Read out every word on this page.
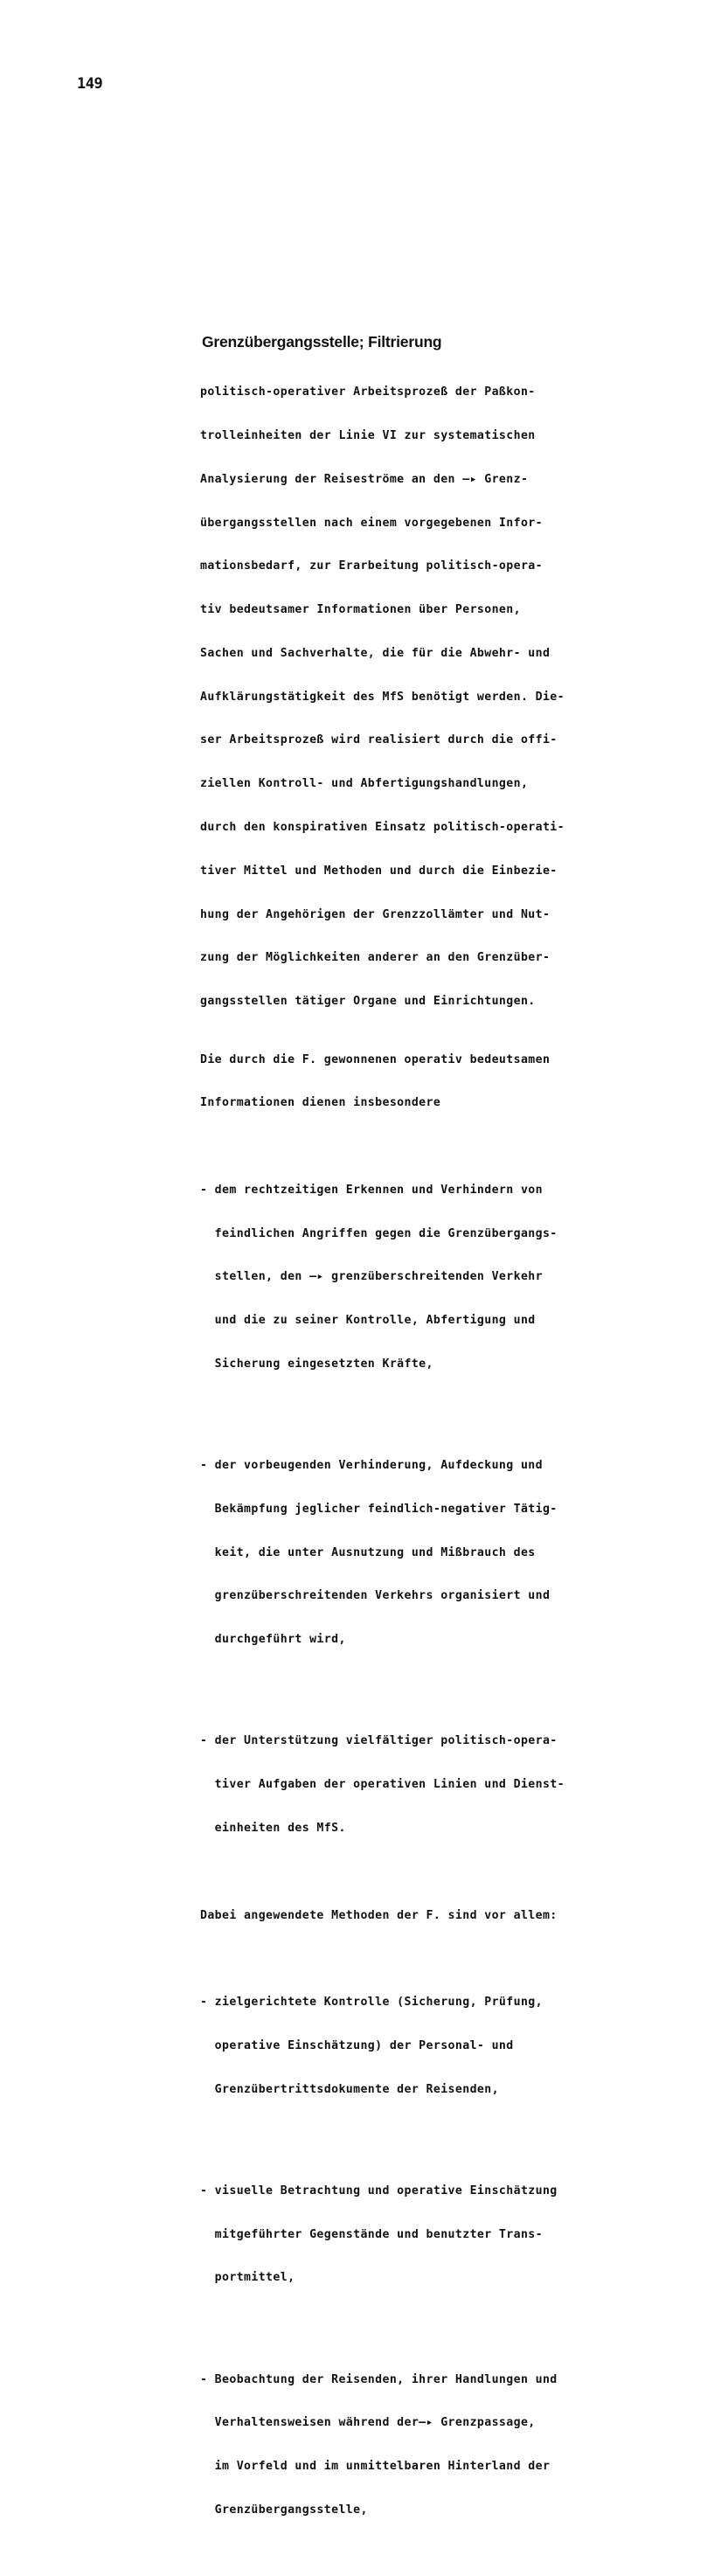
149
Grenzübergangsstelle; Filtrierung

politisch-operativer Arbeitsprozeß der Paßkon-

trolleinheiten der Linie VI zur systematischen

Analysierung der Reiseströme an den —▸ Grenz-

übergangsstellen nach einem vorgegebenen Infor-

mationsbedarf, zur Erarbeitung politisch-opera-

tiv bedeutsamer Informationen über Personen,

Sachen und Sachverhalte, die für die Abwehr- und

Aufklärungstätigkeit des MfS benötigt werden. Die-

ser Arbeitsprozeß wird realisiert durch die offi-

ziellen Kontroll- und Abfertigungshandlungen,

durch den konspirativen Einsatz politisch-operati-

tiver Mittel und Methoden und durch die Einbezie-

hung der Angehörigen der Grenzzollämter und Nut-

zung der Möglichkeiten anderer an den Grenzüber-

gangsstellen tätiger Organe und Einrichtungen.

Die durch die F. gewonnenen operativ bedeutsamen

Informationen dienen insbesondere

- dem rechtzeitigen Erkennen und Verhindern von

feindlichen Angriffen gegen die Grenzübergangs-

stellen, den —▸ grenzüberschreitenden Verkehr

und die zu seiner Kontrolle, Abfertigung und

Sicherung eingesetzten Kräfte,

- der vorbeugenden Verhinderung, Aufdeckung und

Bekämpfung jeglicher feindlich-negativer Tätig-

keit, die unter Ausnutzung und Mißbrauch des

grenzüberschreitenden Verkehrs organisiert und

durchgeführt wird,

- der Unterstützung vielfältiger politisch-opera-

tiver Aufgaben der operativen Linien und Dienst-

einheiten des MfS.

Dabei angewendete Methoden der F. sind vor allem:

- zielgerichtete Kontrolle (Sicherung, Prüfung,

operative Einschätzung) der Personal- und

Grenzübertrittsdokumente der Reisenden,

- visuelle Betrachtung und operative Einschätzung

mitgeführter Gegenstände und benutzter Trans-

portmittel,

- Beobachtung der Reisenden, ihrer Handlungen und

Verhaltensweisen während der—▸ Grenzpassage,

im Vorfeld und im unmittelbaren Hinterland der

Grenzübergangsstelle,
